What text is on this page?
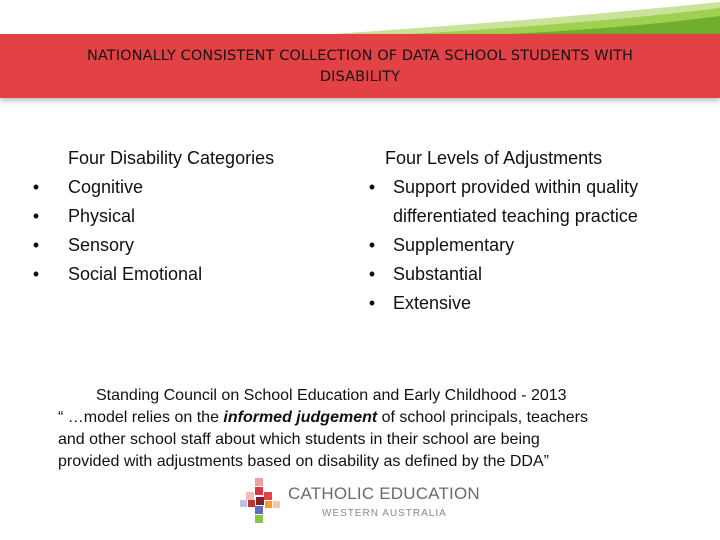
NATIONALLY CONSISTENT COLLECTION OF DATA SCHOOL STUDENTS WITH
DISABILITY
Four Disability Categories
• Cognitive
• Physical
• Sensory
• Social Emotional
Four Levels of Adjustments
• Support provided within quality
differentiated teaching practice
• Supplementary
• Substantial
• Extensive
Standing Council on School Education and Early Childhood - 2013
“ …model relies on the informed judgement of school principals, teachers
and other school staff about which students in their school are being
provided with adjustments based on disability as defined by the DDA”
CATHOLIC EDUCATION
WESTERN AUSTRALIA
